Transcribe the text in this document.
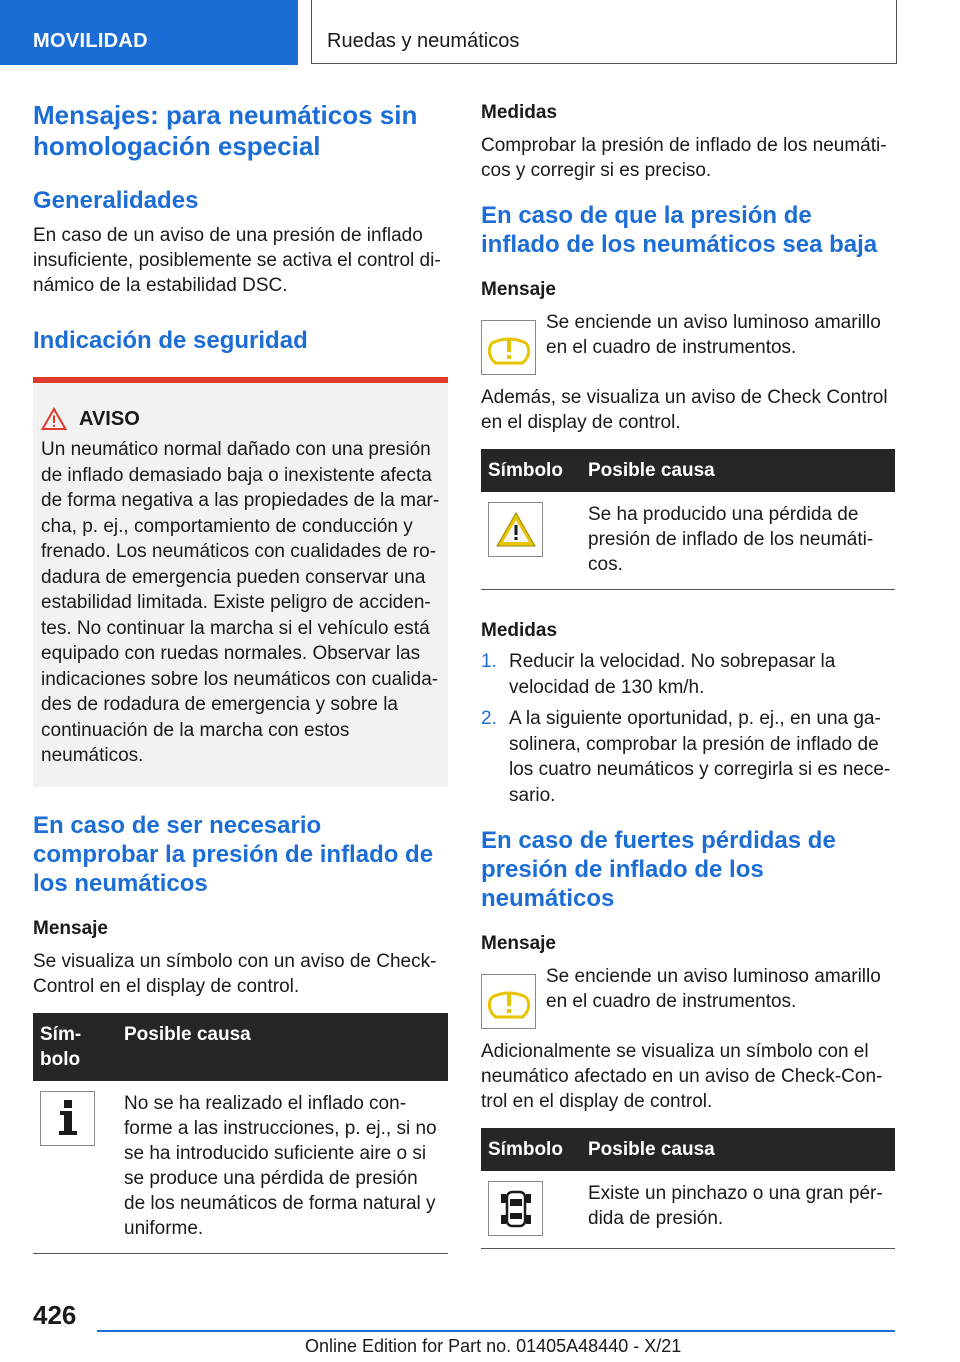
MOVILIDAD	Ruedas y neumáticos
Mensajes: para neumáticos sin homologación especial
Generalidades

En caso de un aviso de una presión de inflado insuficiente, posiblemente se activa el control dinámico de la estabilidad DSC.

Indicación de seguridad
AVISO

Un neumático normal dañado con una presión de inflado demasiado baja o inexistente afecta de forma negativa a las propiedades de la marcha, p. ej., comportamiento de conducción y frenado. Los neumáticos con cualidades de rodadura de emergencia pueden conservar una estabilidad limitada. Existe peligro de accidentes. No continuar la marcha si el vehículo está equipado con ruedas normales. Observar las indicaciones sobre los neumáticos con cualidades de rodadura de emergencia y sobre la continuación de la marcha con estos neumáticos.

En caso de ser necesario comprobar la presión de inflado de los neumáticos
Mensaje

Se visualiza un símbolo con un aviso de Check-Control en el display de control.

Símbolo	Posible causa

	No se ha realizado el inflado conforme a las instrucciones, p. ej., si no se ha introducido suficiente aire o si se produce una pérdida de presión de los neumáticos de forma natural y uniforme.
Medidas

Comprobar la presión de inflado de los neumáticos y corregir si es preciso.

En caso de que la presión de inflado de los neumáticos sea baja
Mensaje

Se enciende un aviso luminoso amarillo en el cuadro de instrumentos.

Además, se visualiza un aviso de Check Control en el display de control.

Símbolo	Posible causa

	Se ha producido una pérdida de presión de inflado de los neumáticos.
Medidas
1. Reducir la velocidad. No sobrepasar la velocidad de 130 km/h.
2. A la siguiente oportunidad, p. ej., en una gasolinera, comprobar la presión de inflado de los cuatro neumáticos y corregirla si es necesario.
En caso de fuertes pérdidas de presión de inflado de los neumáticos
Mensaje

Se enciende un aviso luminoso amarillo en el cuadro de instrumentos.

Adicionalmente se visualiza un símbolo con el neumático afectado en un aviso de Check-Control en el display de control.

Símbolo	Posible causa

	Existe un pinchazo o una gran pérdida de presión.
426
Online Edition for Part no. 01405A48440 - X/21
